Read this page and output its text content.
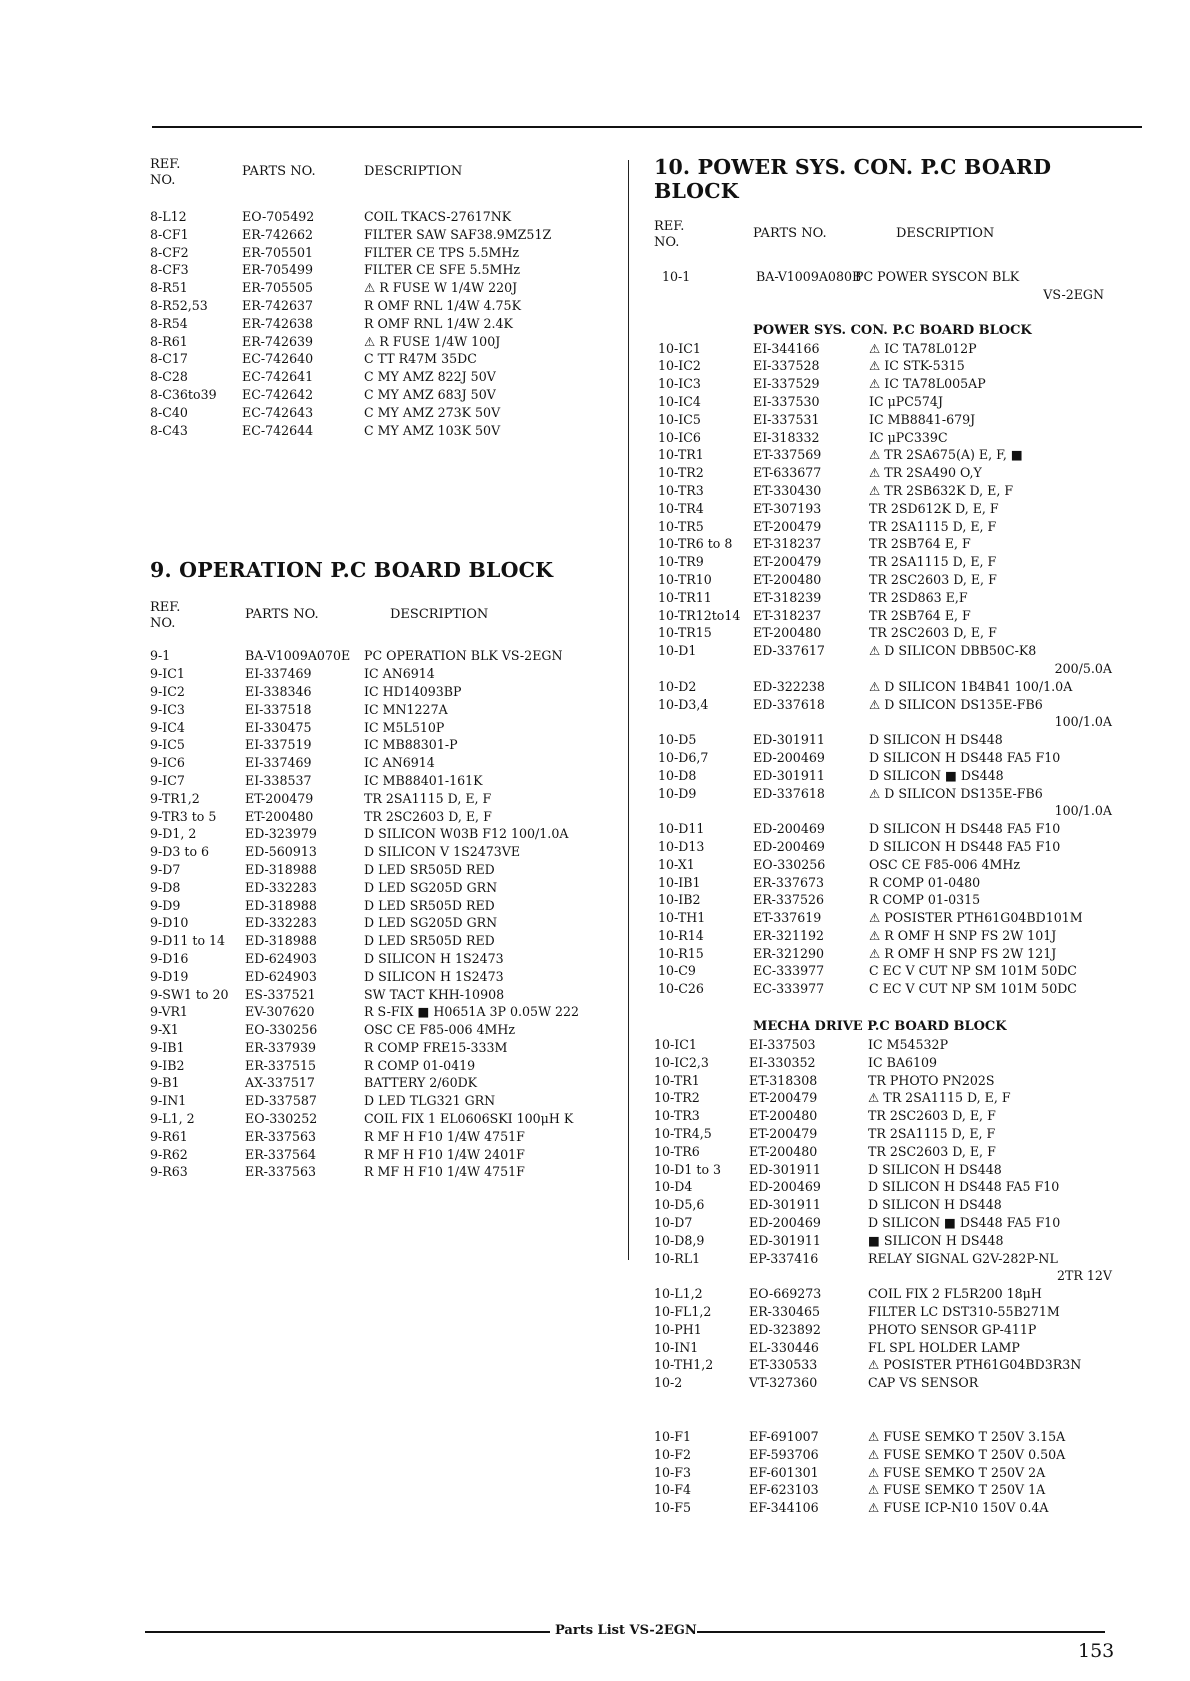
REF.
NO.
PARTS NO.	DESCRIPTION
8-L12	EO-705492	COIL TKACS-27617NK
8-CF1	ER-742662	FILTER SAW SAF38.9MZ51Z
8-CF2	ER-705501	FILTER CE TPS 5.5MHz
8-CF3	ER-705499	FILTER CE SFE 5.5MHz
8-R51	ER-705505	⚠ R FUSE W 1/4W 220J
8-R52,53	ER-742637	R OMF RNL 1/4W 4.75K
8-R54	ER-742638	R OMF RNL 1/4W 2.4K
8-R61	ER-742639	⚠ R FUSE 1/4W 100J
8-C17	EC-742640	C TT R47M 35DC
8-C28	EC-742641	C MY AMZ 822J 50V
8-C36to39 EC-742642	C MY AMZ 683J 50V
8-C40	EC-742643	C MY AMZ 273K 50V
8-C43	EC-742644	C MY AMZ 103K 50V
9. OPERATION P.C BOARD BLOCK
REF.
NO.
PARTS NO.	DESCRIPTION
9-1	BA-V1009A070E PC OPERATION BLK VS-2EGN
9-IC1	EI-337469	IC AN6914
9-IC2	EI-338346	IC HD14093BP
9-IC3	EI-337518	IC MN1227A
9-IC4	EI-330475	IC M5L510P
9-IC5	EI-337519	IC MB88301-P
9-IC6	EI-337469	IC AN6914
9-IC7	EI-338537	IC MB88401-161K
9-TR1,2	ET-200479	TR 2SA1115 D, E, F
9-TR3 to 5 ET-200480	TR 2SC2603 D, E, F
9-D1, 2	ED-323979	D SILICON W03B F12 100/1.0A
9-D3 to 6	ED-560913	D SILICON V 1S2473VE
9-D7	ED-318988	D LED SR505D RED
9-D8	ED-332283	D LED SG205D GRN
9-D9	ED-318988	D LED SR505D RED
9-D10	ED-332283	D LED SG205D GRN
9-D11 to 14 ED-318988	D LED SR505D RED
9-D16	ED-624903	D SILICON H 1S2473
9-D19	ED-624903	D SILICON H 1S2473
9-SW1 to 20 ES-337521	SW TACT KHH-10908
9-VR1	EV-307620	R S-FIX ■ H0651A 3P 0.05W 222
9-X1	EO-330256	OSC CE F85-006 4MHz
9-IB1	ER-337939	R COMP FRE15-333M
9-IB2	ER-337515	R COMP 01-0419
9-B1	AX-337517	BATTERY 2/60DK
9-IN1	ED-337587	D LED TLG321 GRN
9-L1, 2	EO-330252	COIL FIX 1 EL0606SKI 100μH K
9-R61	ER-337563	R MF H F10 1/4W 4751F
9-R62	ER-337564	R MF H F10 1/4W 2401F
9-R63	ER-337563	R MF H F10 1/4W 4751F
10. POWER SYS. CON. P.C BOARD BLOCK
REF.
NO.
PARTS NO.	DESCRIPTION
10-1	BA-V1009A080B
PC POWER SYSCON BLK
VS-2EGN
POWER SYS. CON. P.C BOARD BLOCK
10-IC1	EI-344166	⚠ IC TA78L012P
10-IC2	EI-337528	⚠ IC STK-5315
10-IC3	EI-337529	⚠ IC TA78L005AP
10-IC4	EI-337530	IC μPC574J
10-IC5	EI-337531	IC MB8841-679J
10-IC6	EI-318332	IC μPC339C
10-TR1	ET-337569	⚠ TR 2SA675(A) E, F, ■
10-TR2	ET-633677	⚠ TR 2SA490 O,Y
10-TR3	ET-330430	⚠ TR 2SB632K D, E, F
10-TR4	ET-307193	TR 2SD612K D, E, F
10-TR5	ET-200479	TR 2SA1115 D, E, F
10-TR6 to 8 ET-318237	TR 2SB764 E, F
10-TR9	ET-200479	TR 2SA1115 D, E, F
10-TR10	ET-200480	TR 2SC2603 D, E, F
10-TR11	ET-318239	TR 2SD863 E,F
10-TR12to14 ET-318237	TR 2SB764 E, F
10-TR15	ET-200480	TR 2SC2603 D, E, F
10-D1	ED-337617	⚠ D SILICON DBB50C-K8
200/5.0A
10-D2	ED-322238	⚠ D SILICON 1B4B41 100/1.0A
10-D3,4	ED-337618	⚠ D SILICON DS135E-FB6
100/1.0A
10-D5	ED-301911	D SILICON H DS448
10-D6,7	ED-200469	D SILICON H DS448 FA5 F10
10-D8	ED-301911	D SILICON ■ DS448
10-D9	ED-337618	⚠ D SILICON DS135E-FB6
100/1.0A
10-D11	ED-200469	D SILICON H DS448 FA5 F10
10-D13	ED-200469	D SILICON H DS448 FA5 F10
10-X1	EO-330256	OSC CE F85-006 4MHz
10-IB1	ER-337673	R COMP 01-0480
10-IB2	ER-337526	R COMP 01-0315
10-TH1	ET-337619	⚠ POSISTER PTH61G04BD101M
10-R14	ER-321192	⚠ R OMF H SNP FS 2W 101J
10-R15	ER-321290	⚠ R OMF H SNP FS 2W 121J
10-C9	EC-333977	C EC V CUT NP SM 101M 50DC
10-C26	EC-333977	C EC V CUT NP SM 101M 50DC
MECHA DRIVE P.C BOARD BLOCK
10-IC1	EI-337503	IC M54532P
10-IC2,3	EI-330352	IC BA6109
10-TR1	ET-318308	TR PHOTO PN202S
10-TR2	ET-200479	⚠ TR 2SA1115 D, E, F
10-TR3	ET-200480	TR 2SC2603 D, E, F
10-TR4,5	ET-200479	TR 2SA1115 D, E, F
10-TR6	ET-200480	TR 2SC2603 D, E, F
10-D1 to 3 ED-301911	D SILICON H DS448
10-D4	ED-200469	D SILICON H DS448 FA5 F10
10-D5,6	ED-301911	D SILICON H DS448
10-D7	ED-200469	D SILICON ■ DS448 FA5 F10
10-D8,9	ED-301911	■ SILICON H DS448
10-RL1	EP-337416	RELAY SIGNAL G2V-282P-NL
2TR 12V
10-L1,2	EO-669273	COIL FIX 2 FL5R200 18μH
10-FL1,2	ER-330465	FILTER LC DST310-55B271M
10-PH1	ED-323892	PHOTO SENSOR GP-411P
10-IN1	EL-330446	FL SPL HOLDER LAMP
10-TH1,2	ET-330533	⚠ POSISTER PTH61G04BD3R3N
10-2	VT-327360	CAP VS SENSOR
10-F1	EF-691007	⚠ FUSE SEMKO T 250V 3.15A
10-F2	EF-593706	⚠ FUSE SEMKO T 250V 0.50A
10-F3	EF-601301	⚠ FUSE SEMKO T 250V 2A
10-F4	EF-623103	⚠ FUSE SEMKO T 250V 1A
10-F5	EF-344106	⚠ FUSE ICP-N10 150V 0.4A
Parts List VS-2EGN
153
